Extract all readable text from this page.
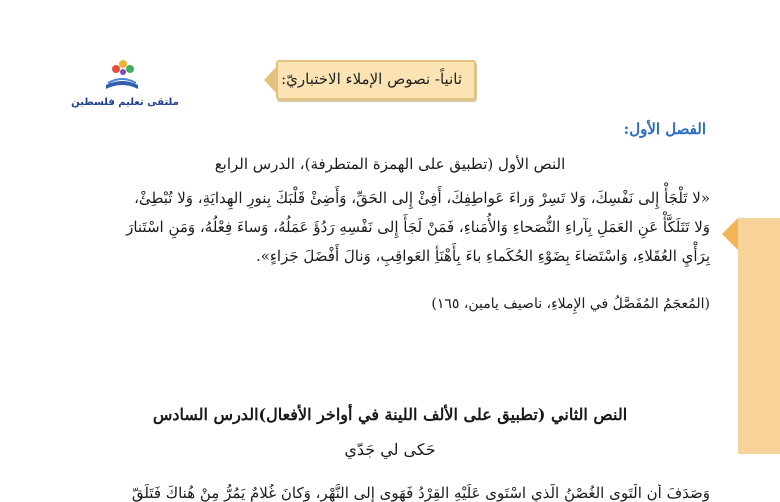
ملتقى تعليم فلسطين
ثانياً- نصوص الإملاء الاختباريّ:
الفصل الأول:
النص الأول (تطبيق على الهمزة المتطرفة)، الدرس الرابع

«لا تَلْجَأْ إِلى نَفْسِكَ، وَلا تَسِرْ وَراءَ عَواطِفِكَ، أَفِئْ إِلى الحَقِّ، وَأَضِئْ قَلْبَكَ بِنورِ الهِدايَةِ، وَلا تُبْطِئْ،

وَلا تَتَلَكَّأْ عَنِ العَمَلِ بِآراءِ النُّصَحاءِ وَالأُمَناءِ، فَمَنْ لَجَأَ إِلى نَفْسِهِ رَدُؤَ عَمَلُهُ، وَساءَ فِعْلُهُ، وَمَنِ اسْتَنارَ

بِرَأْيِ العُقَلاءِ، وَاسْتَضاءَ بِضَوْءِ الحُكَماءِ باءَ بِأَهْنَأِ العَواقِبِ، وَنالَ أَفْضَلَ جَزاءٍ».

(المُعجَمُ المُفَصَّلُ في الإِملاءِ، ناصيف يامين، ١٦٥)
النص الثاني (تطبيق على الألف اللينة في أواخر الأفعال)الدرس السادس
حَكى لي جَدّي
وَصَدَفَ أَنِ الْتَوى الغُصْنُ الَّذي اسْتَوى عَلَيْهِ القِرْدُ فَهَوى إِلى النَّهْرِ، وَكانَ غُلامٌ يَمُرُّ مِنْ هُناكَ فَتَلَقّ
